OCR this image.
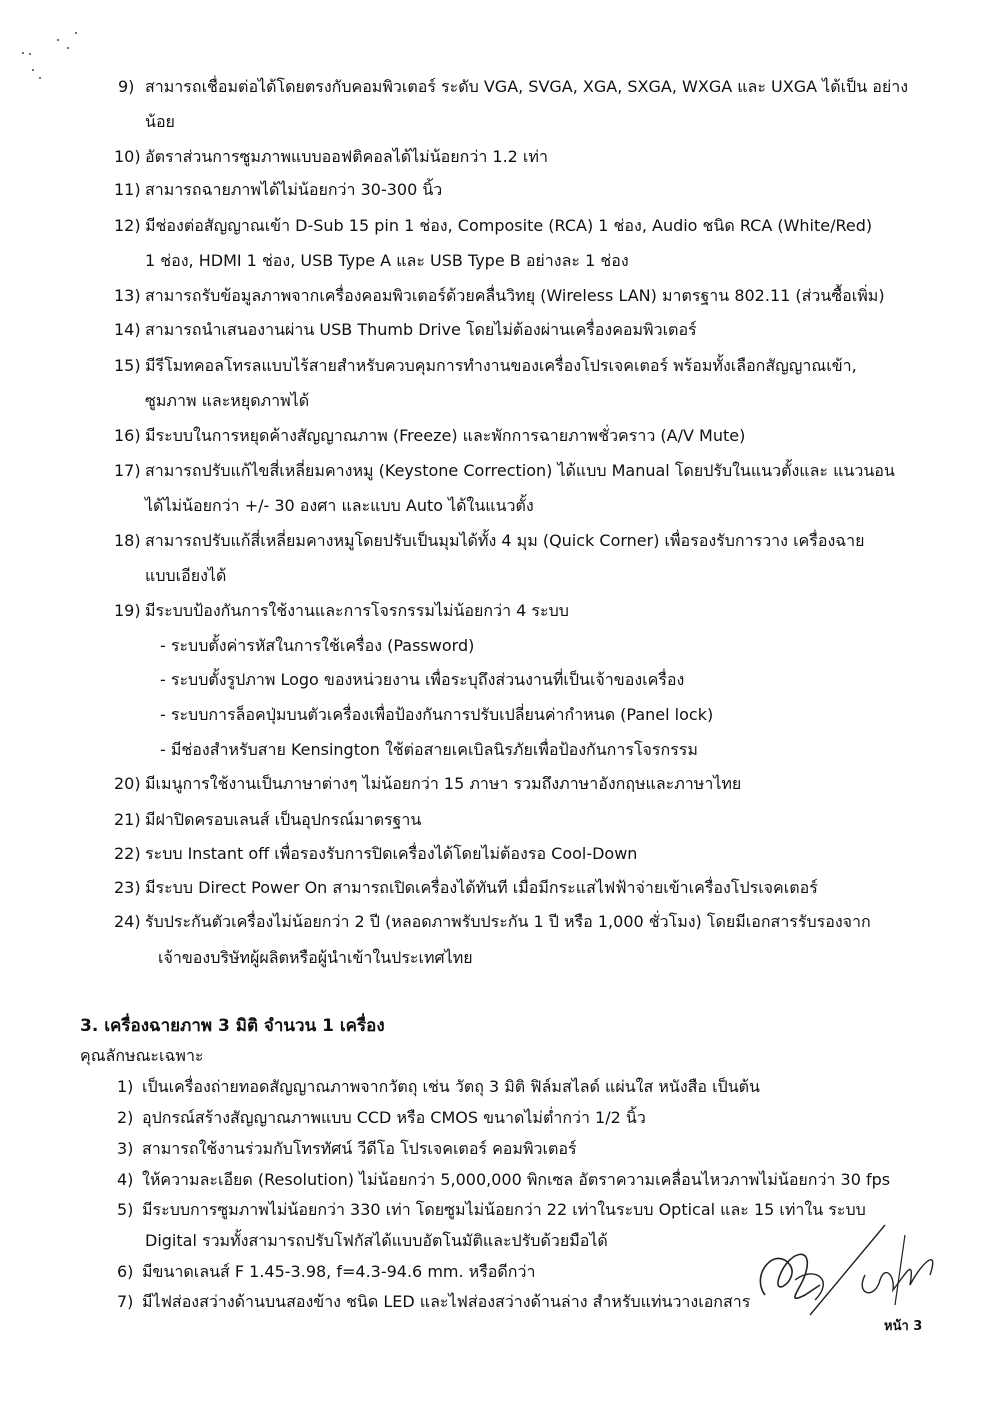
9) สามารถเชื่อมต่อได้โดยตรงกับคอมพิวเตอร์ ระดับ VGA, SVGA, XGA, SXGA, WXGA และ UXGA ได้เป็น อย่าง
น้อย
10) อัตราส่วนการซูมภาพแบบออฟติคอลได้ไม่น้อยกว่า 1.2 เท่า
11) สามารถฉายภาพได้ไม่น้อยกว่า 30-300 นิ้ว
12) มีช่องต่อสัญญาณเข้า D-Sub 15 pin 1 ช่อง, Composite (RCA) 1 ช่อง, Audio ชนิด RCA (White/Red)
1 ช่อง, HDMI 1 ช่อง, USB Type A และ USB Type B อย่างละ 1 ช่อง
13) สามารถรับข้อมูลภาพจากเครื่องคอมพิวเตอร์ด้วยคลื่นวิทยุ (Wireless LAN) มาตรฐาน 802.11 (ส่วนซื้อเพิ่ม)
14) สามารถนำเสนองานผ่าน USB Thumb Drive โดยไม่ต้องผ่านเครื่องคอมพิวเตอร์
15) มีรีโมทคอลโทรลแบบไร้สายสำหรับควบคุมการทำงานของเครื่องโปรเจคเตอร์ พร้อมทั้งเลือกสัญญาณเข้า,
ซูมภาพ และหยุดภาพได้
16) มีระบบในการหยุดค้างสัญญาณภาพ (Freeze) และพักการฉายภาพชั่วคราว (A/V Mute)
17) สามารถปรับแก้ไขสี่เหลี่ยมคางหมู (Keystone Correction) ได้แบบ Manual โดยปรับในแนวตั้งและ แนวนอน
ได้ไม่น้อยกว่า +/- 30 องศา และแบบ Auto ได้ในแนวตั้ง
18) สามารถปรับแก้สี่เหลี่ยมคางหมูโดยปรับเป็นมุมได้ทั้ง 4 มุม (Quick Corner) เพื่อรองรับการวาง เครื่องฉาย
แบบเอียงได้
19) มีระบบป้องกันการใช้งานและการโจรกรรมไม่น้อยกว่า 4 ระบบ
- ระบบตั้งค่ารหัสในการใช้เครื่อง (Password)
- ระบบตั้งรูปภาพ Logo ของหน่วยงาน เพื่อระบุถึงส่วนงานที่เป็นเจ้าของเครื่อง
- ระบบการล็อคปุ่มบนตัวเครื่องเพื่อป้องกันการปรับเปลี่ยนค่ากำหนด (Panel lock)
- มีช่องสำหรับสาย Kensington ใช้ต่อสายเคเบิลนิรภัยเพื่อป้องกันการโจรกรรม
20) มีเมนูการใช้งานเป็นภาษาต่างๆ ไม่น้อยกว่า 15 ภาษา รวมถึงภาษาอังกฤษและภาษาไทย
21) มีฝาปิดครอบเลนส์ เป็นอุปกรณ์มาตรฐาน
22) ระบบ Instant off เพื่อรองรับการปิดเครื่องได้โดยไม่ต้องรอ Cool-Down
23) มีระบบ Direct Power On สามารถเปิดเครื่องได้ทันที เมื่อมีกระแสไฟฟ้าจ่ายเข้าเครื่องโปรเจคเตอร์
24) รับประกันตัวเครื่องไม่น้อยกว่า 2 ปี (หลอดภาพรับประกัน 1 ปี หรือ 1,000 ชั่วโมง) โดยมีเอกสารรับรองจาก
เจ้าของบริษัทผู้ผลิตหรือผู้นำเข้าในประเทศไทย
1) เป็นเครื่องถ่ายทอดสัญญาณภาพจากวัตถุ เช่น วัตถุ 3 มิติ ฟิล์มสไลด์ แผ่นใส หนังสือ เป็นต้น
2) อุปกรณ์สร้างสัญญาณภาพแบบ CCD หรือ CMOS ขนาดไม่ต่ำกว่า 1/2 นิ้ว
3) สามารถใช้งานร่วมกับโทรทัศน์ วีดีโอ โปรเจคเตอร์ คอมพิวเตอร์
4) ให้ความละเอียด (Resolution) ไม่น้อยกว่า 5,000,000 พิกเซล อัตราความเคลื่อนไหวภาพไม่น้อยกว่า 30 fps
5) มีระบบการซูมภาพไม่น้อยกว่า 330 เท่า โดยซูมไม่น้อยกว่า 22 เท่าในระบบ Optical และ 15 เท่าใน ระบบ
Digital รวมทั้งสามารถปรับโฟกัสได้แบบอัตโนมัติและปรับด้วยมือได้
6) มีขนาดเลนส์ F 1.45-3.98, f=4.3-94.6 mm. หรือดีกว่า
7) มีไฟส่องสว่างด้านบนสองข้าง ชนิด LED และไฟส่องสว่างด้านล่าง สำหรับแท่นวางเอกสาร
3. เครื่องฉายภาพ 3 มิติ จำนวน 1 เครื่อง
คุณลักษณะเฉพาะ
หน้า 3
